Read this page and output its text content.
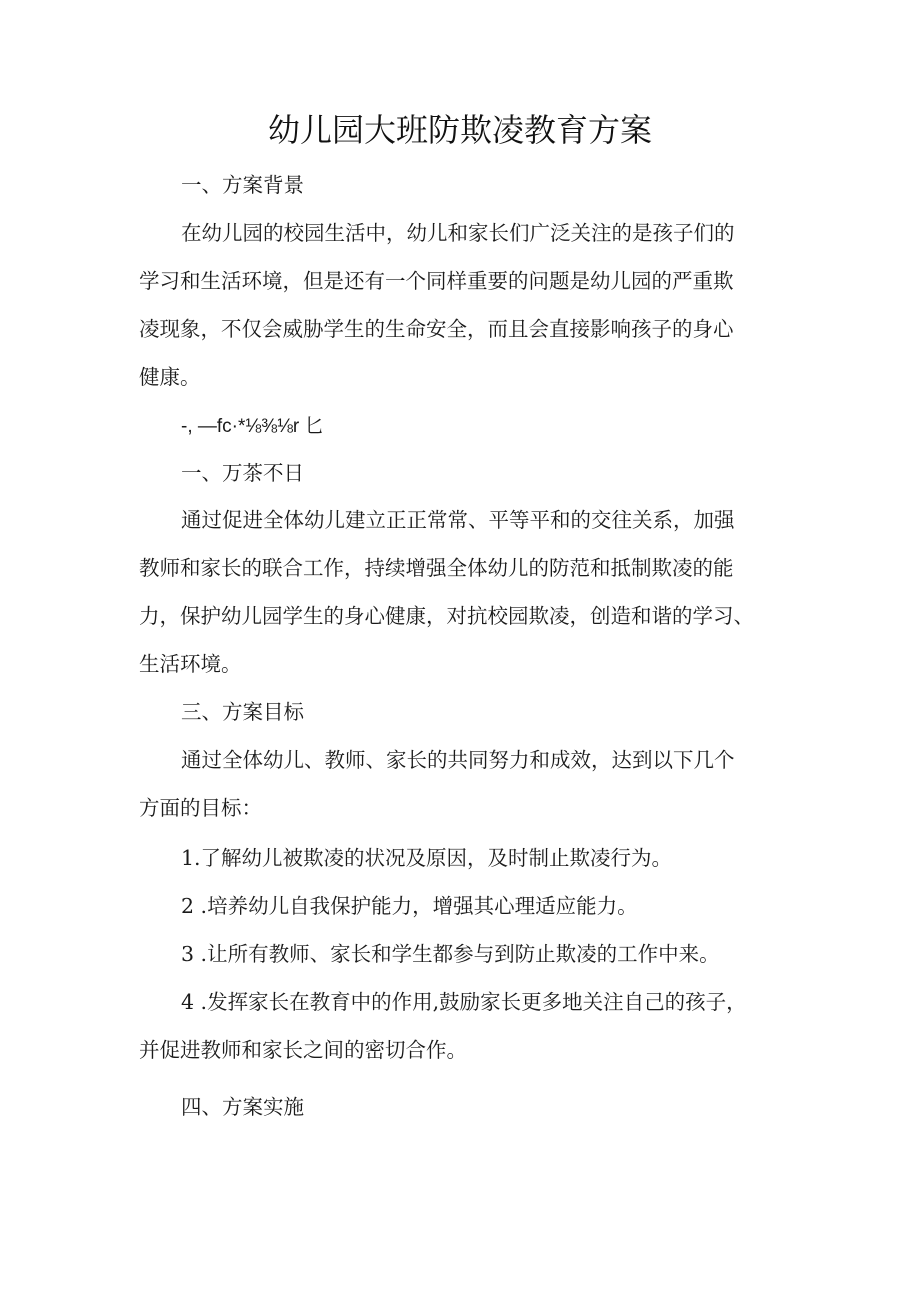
幼儿园大班防欺凌教育方案
一、方案背景
在幼儿园的校园生活中，幼儿和家长们广泛关注的是孩子们的
学习和生活环境，但是还有一个同样重要的问题是幼儿园的严重欺
凌现象，不仅会威胁学生的生命安全，而且会直接影响孩子的身心
健康。
-, —fc·*⅛⅜⅛r 匕
一、万茶不日
通过促进全体幼儿建立正正常常、平等平和的交往关系，加强
教师和家长的联合工作，持续增强全体幼儿的防范和抵制欺凌的能
力，保护幼儿园学生的身心健康，对抗校园欺凌，创造和谐的学习、
生活环境。
三、方案目标
通过全体幼儿、教师、家长的共同努力和成效，达到以下几个
方面的目标：
1.了解幼儿被欺凌的状况及原因，及时制止欺凌行为。
2 .培养幼儿自我保护能力，增强其心理适应能力。
3 .让所有教师、家长和学生都参与到防止欺凌的工作中来。
4 .发挥家长在教育中的作用,鼓励家长更多地关注自己的孩子，
并促进教师和家长之间的密切合作。
四、方案实施
